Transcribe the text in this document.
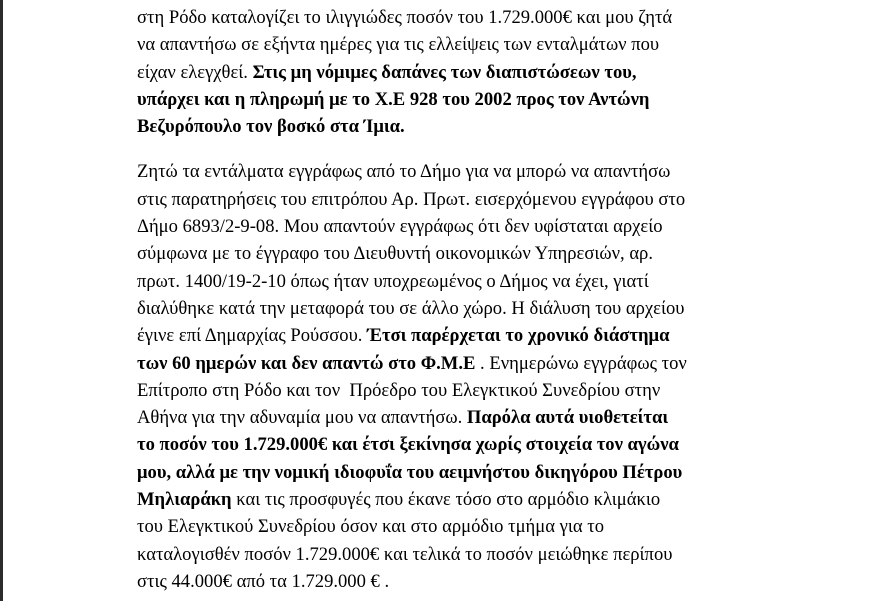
στη Ρόδο καταλογίζει το ιλιγγιώδες ποσόν του 1.729.000€ και μου ζητά
να απαντήσω σε εξήντα ημέρες για τις ελλείψεις των ενταλμάτων που
είχαν ελεγχθεί. Στις μη νόμιμες δαπάνες των διαπιστώσεων του,
υπάρχει και η πληρωμή με το Χ.Ε 928 του 2002 προς τον Αντώνη
Βεζυρόπουλο τον βοσκό στα Ίμια.

Ζητώ τα εντάλματα εγγράφως από το Δήμο για να μπορώ να απαντήσω
στις παρατηρήσεις του επιτρόπου Αρ. Πρωτ. εισερχόμενου εγγράφου στο
Δήμο 6893/2-9-08. Μου απαντούν εγγράφως ότι δεν υφίσταται αρχείο
σύμφωνα με το έγγραφο του Διευθυντή οικονομικών Υπηρεσιών, αρ.
πρωτ. 1400/19-2-10 όπως ήταν υποχρεωμένος ο Δήμος να έχει, γιατί
διαλύθηκε κατά την μεταφορά του σε άλλο χώρο. Η διάλυση του αρχείου
έγινε επί Δημαρχίας Ρούσσου. Έτσι παρέρχεται το χρονικό διάστημα
των 60 ημερών και δεν απαντώ στο Φ.Μ.Ε . Ενημερώνω εγγράφως τον
Επίτροπο στη Ρόδο και τον  Πρόεδρο του Ελεγκτικού Συνεδρίου στην
Αθήνα για την αδυναμία μου να απαντήσω. Παρόλα αυτά υιοθετείται
το ποσόν του 1.729.000€ και έτσι ξεκίνησα χωρίς στοιχεία τον αγώνα
μου, αλλά με την νομική ιδιοφυΐα του αειμνήστου δικηγόρου Πέτρου
Μηλιαράκη και τις προσφυγές που έκανε τόσο στο αρμόδιο κλιμάκιο
του Ελεγκτικού Συνεδρίου όσον και στο αρμόδιο τμήμα για το
καταλογισθέν ποσόν 1.729.000€ και τελικά το ποσόν μειώθηκε περίπου
στις 44.000€ από τα 1.729.000 € .
